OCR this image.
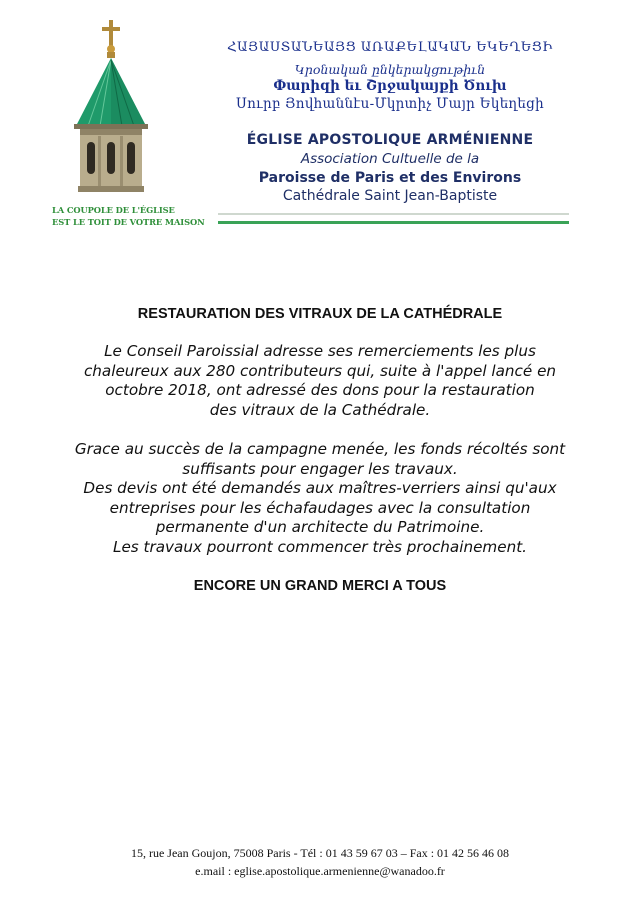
LA COUPOLE DE L'ÉGLISE
EST LE TOIT DE VOTRE MAISON
ՀԱՅԱՍՏԱՆԵԱՅՑ ԱՌԱՔԵԼԱԿԱՆ ԵԿԵՂԵՑԻ
Կրօնական ընկերակցութիւն
Փարիզի եւ Շրջակայքի Ծուխ
Սուրբ Յովհաննէս-Մկրտիչ Մայր Եկեղեցի
ÉGLISE APOSTOLIQUE ARMÉNIENNE
Association Cultuelle de la
Paroisse de Paris et des Environs
Cathédrale Saint Jean-Baptiste
RESTAURATION DES VITRAUX DE LA CATHÉDRALE
Le Conseil Paroissial adresse ses remerciements les plus
chaleureux aux 280 contributeurs qui, suite à l'appel lancé en
octobre 2018, ont adressé des dons pour la restauration
des vitraux de la Cathédrale.
Grace au succès de la campagne menée, les fonds récoltés sont
suffisants pour engager les travaux.
Des devis ont été demandés aux maîtres-verriers ainsi qu'aux
entreprises pour les échafaudages avec la consultation
permanente d'un architecte du Patrimoine.
Les travaux pourront commencer très prochainement.
ENCORE UN GRAND MERCI A TOUS
15, rue Jean Goujon, 75008 Paris - Tél : 01 43 59 67 03 – Fax : 01 42 56 46 08
e.mail : eglise.apostolique.armenienne@wanadoo.fr
